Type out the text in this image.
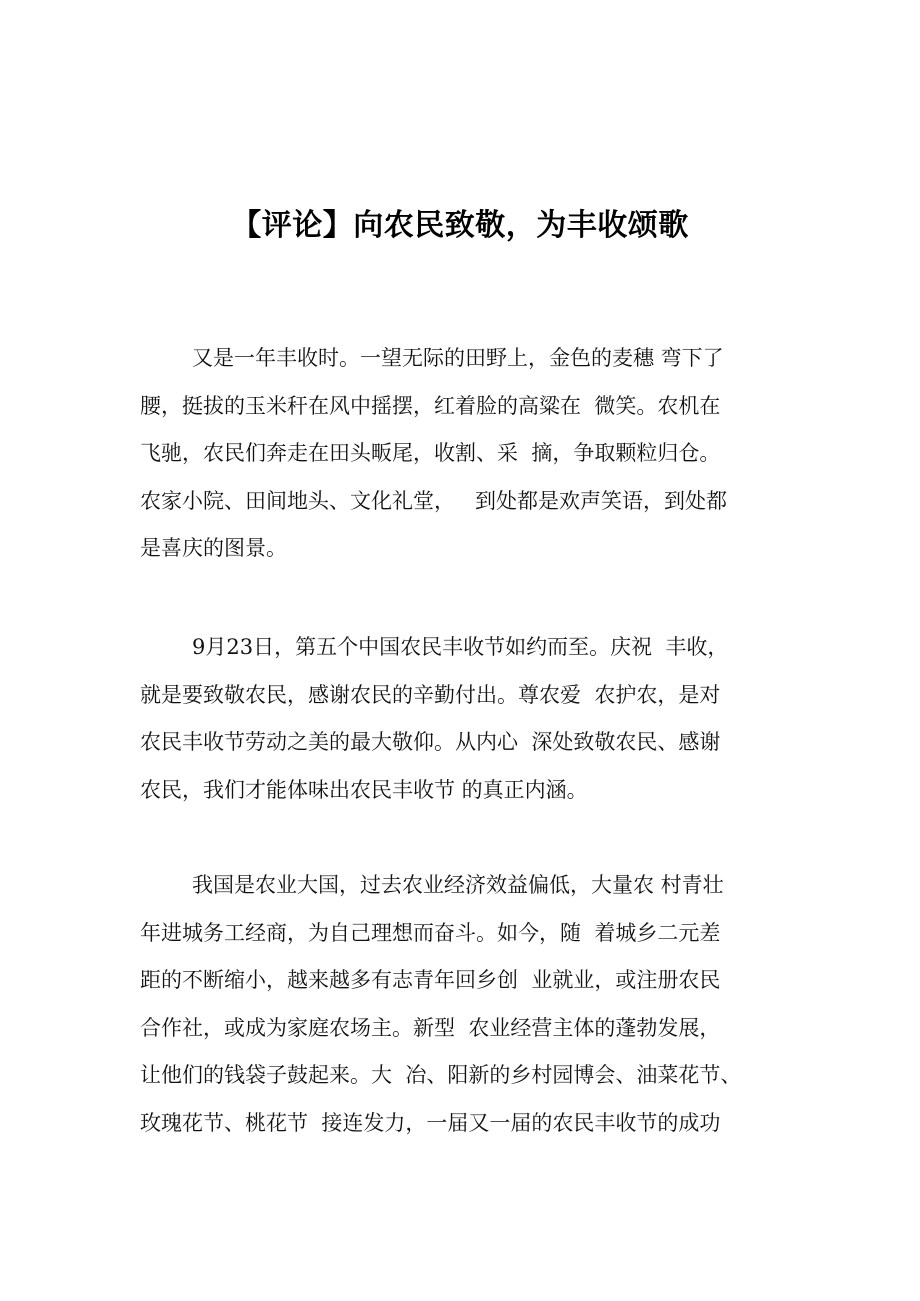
【评论】向农民致敬，为丰收颂歌
又是一年丰收时。一望无际的田野上，金色的麦穗 弯下了
腰，挺拔的玉米秆在风中摇摆，红着脸的高粱在  微笑。农机在
飞驰，农民们奔走在田头畈尾，收割、采  摘，争取颗粒归仓。
农家小院、田间地头、文化礼堂，   到处都是欢声笑语，到处都
是喜庆的图景。
9月23日，第五个中国农民丰收节如约而至。庆祝  丰收，
就是要致敬农民，感谢农民的辛勤付出。尊农爱  农护农，是对
农民丰收节劳动之美的最大敬仰。从内心  深处致敬农民、感谢
农民，我们才能体味出农民丰收节 的真正内涵。
我国是农业大国，过去农业经济效益偏低，大量农 村青壮
年进城务工经商，为自己理想而奋斗。如今，随  着城乡二元差
距的不断缩小，越来越多有志青年回乡创  业就业，或注册农民
合作社，或成为家庭农场主。新型  农业经营主体的蓬勃发展，
让他们的钱袋子鼓起来。大  冶、阳新的乡村园博会、油菜花节、
玫瑰花节、桃花节  接连发力，一届又一届的农民丰收节的成功
